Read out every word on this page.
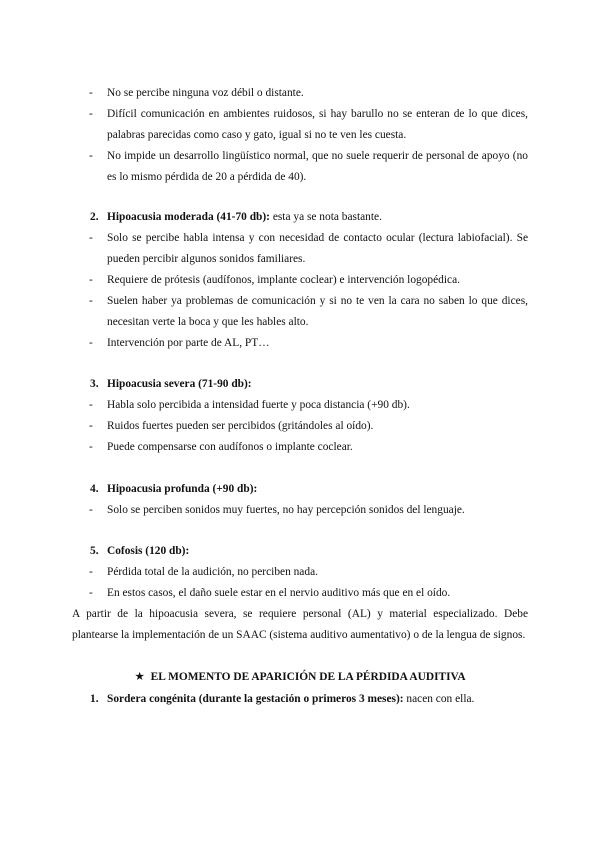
- No se percibe ninguna voz débil o distante.
- Difícil comunicación en ambientes ruidosos, si hay barullo no se enteran de lo que dices, palabras parecidas como caso y gato, igual si no te ven les cuesta.
- No impide un desarrollo lingüístico normal, que no suele requerir de personal de apoyo (no es lo mismo pérdida de 20 a pérdida de 40).
2. Hipoacusia moderada (41-70 db): esta ya se nota bastante.
- Solo se percibe habla intensa y con necesidad de contacto ocular (lectura labiofacial). Se pueden percibir algunos sonidos familiares.
- Requiere de prótesis (audífonos, implante coclear) e intervención logopédica.
- Suelen haber ya problemas de comunicación y si no te ven la cara no saben lo que dices, necesitan verte la boca y que les hables alto.
- Intervención por parte de AL, PT…
3. Hipoacusia severa (71-90 db):
- Habla solo percibida a intensidad fuerte y poca distancia (+90 db).
- Ruidos fuertes pueden ser percibidos (gritándoles al oído).
- Puede compensarse con audífonos o implante coclear.
4. Hipoacusia profunda (+90 db):
- Solo se perciben sonidos muy fuertes, no hay percepción sonidos del lenguaje.
5. Cofosis (120 db):
- Pérdida total de la audición, no perciben nada.
- En estos casos, el daño suele estar en el nervio auditivo más que en el oído.
A partir de la hipoacusia severa, se requiere personal (AL) y material especializado. Debe plantearse la implementación de un SAAC (sistema auditivo aumentativo) o de la lengua de signos.
★ EL MOMENTO DE APARICIÓN DE LA PÉRDIDA AUDITIVA
1. Sordera congénita (durante la gestación o primeros 3 meses): nacen con ella.
